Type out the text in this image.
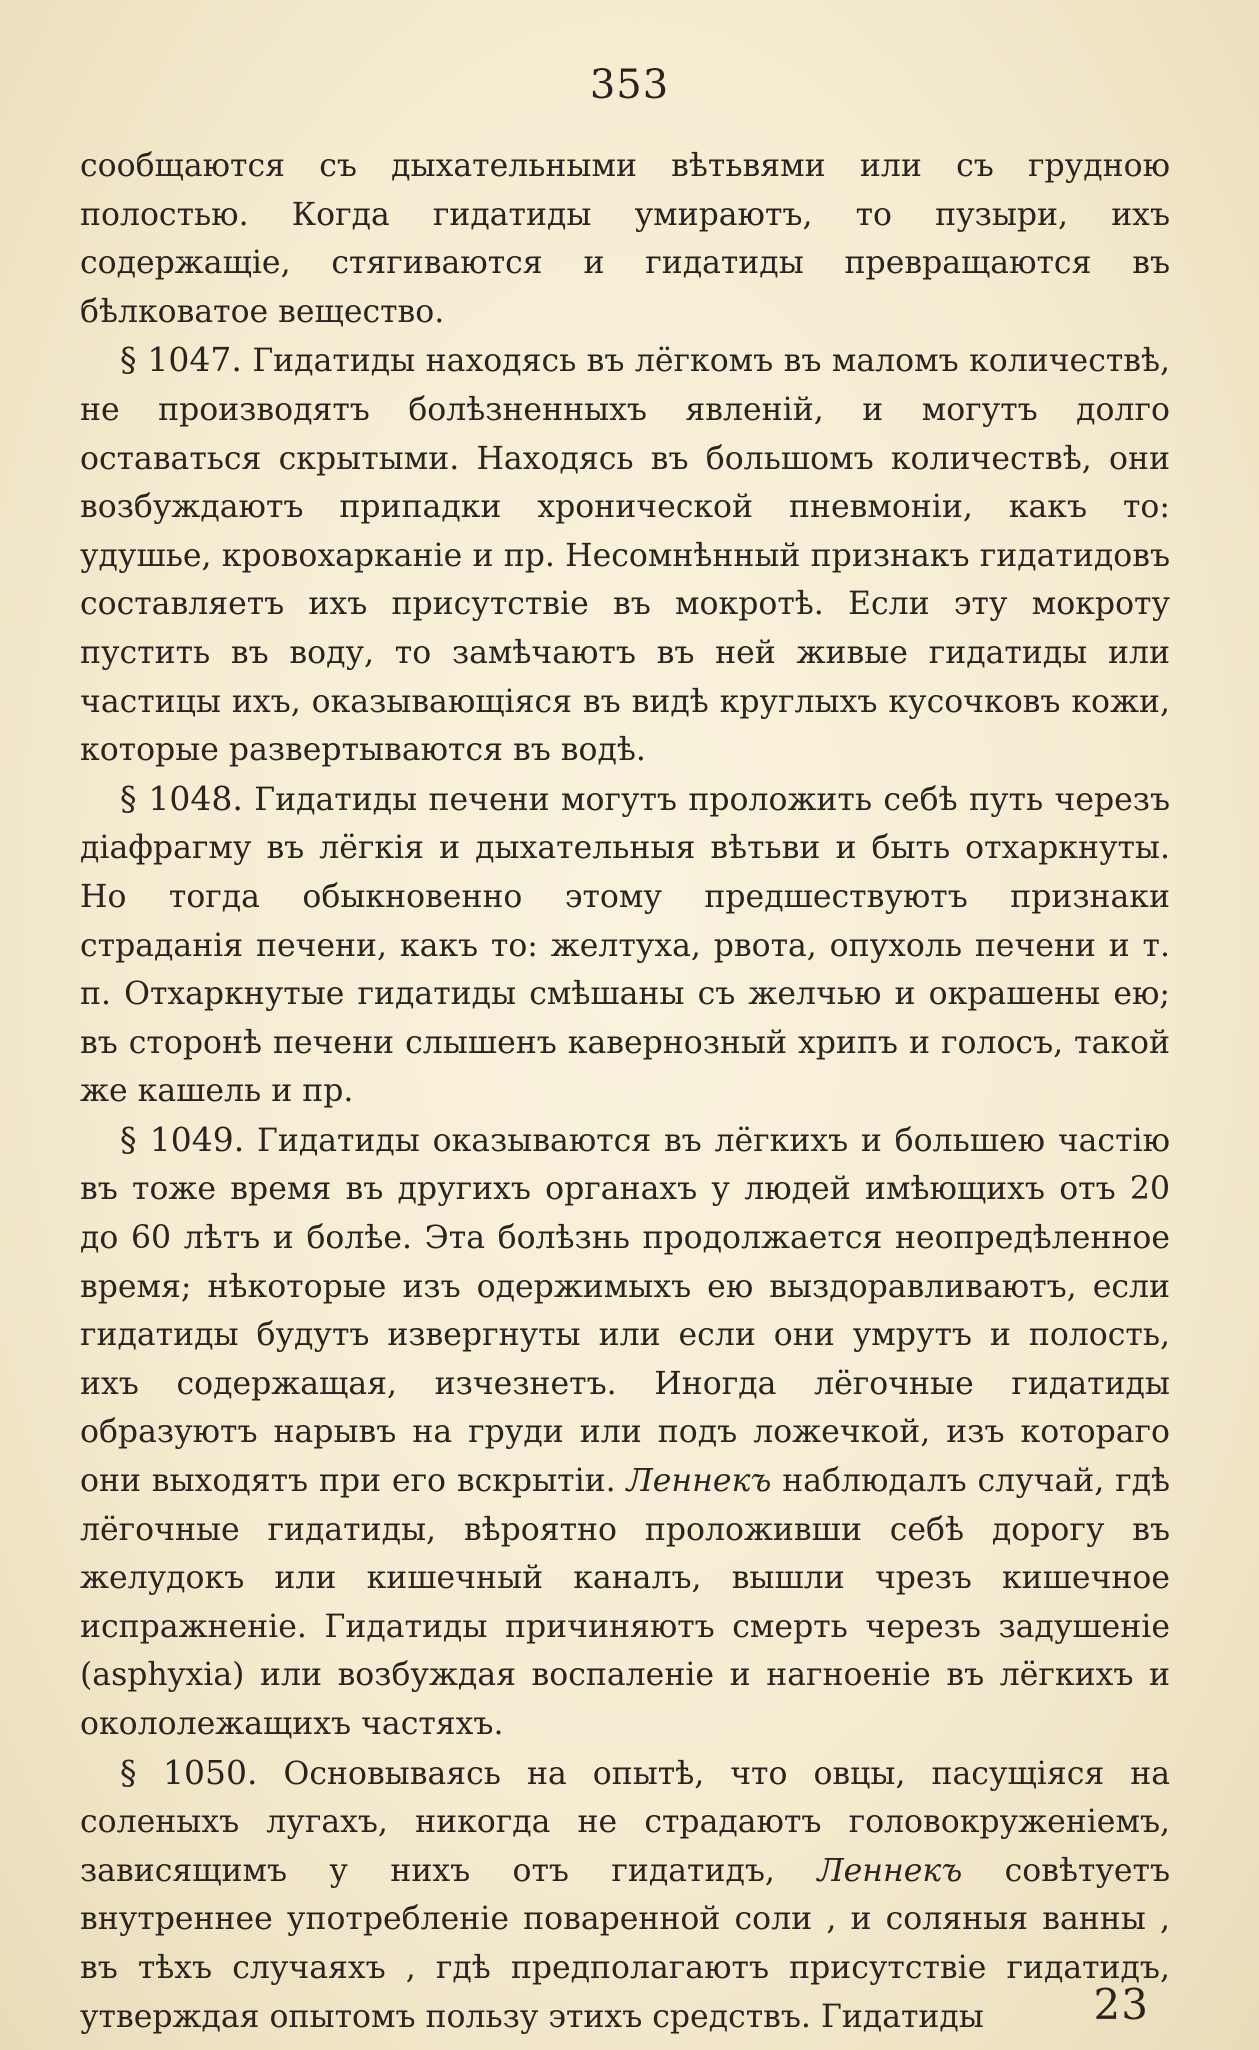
353

сообщаются съ дыхательными вѣтьвями или съ грудною полостью. Когда гидатиды умираютъ, то пузыри, ихъ содержащіе, стягиваются и гидатиды превращаются въ бѣлковатое вещество.

§ 1047. Гидатиды находясь въ лёгкомъ въ маломъ количествѣ, не производятъ болѣзненныхъ явленій, и могутъ долго оставаться скрытыми. Находясь въ большомъ количествѣ, они возбуждаютъ припадки хронической пневмоніи, какъ то: удушье, кровохарканіе и пр. Несомнѣнный признакъ гидатидовъ составляетъ ихъ присутствіе въ мокротѣ. Если эту мокроту пустить въ воду, то замѣчаютъ въ ней живые гидатиды или частицы ихъ, оказывающіяся въ видѣ круглыхъ кусочковъ кожи, которые развертываются въ водѣ.

§ 1048. Гидатиды печени могутъ проложить себѣ путь черезъ діафрагму въ лёгкія и дыхательныя вѣтьви и быть отхаркнуты. Но тогда обыкновенно этому предшествуютъ признаки страданія печени, какъ то: желтуха, рвота, опухоль печени и т. п. Отхаркнутые гидатиды смѣшаны съ желчью и окрашены ею; въ сторонѣ печени слышенъ кавернозный хрипъ и голосъ, такой же кашель и пр.

§ 1049. Гидатиды оказываются въ лёгкихъ и большею частію въ тоже время въ другихъ органахъ у людей имѣющихъ отъ 20 до 60 лѣтъ и болѣе. Эта болѣзнь продолжается неопредѣленное время; нѣкоторые изъ одержимыхъ ею выздоравливаютъ, если гидатиды будутъ извергнуты или если они умрутъ и полость, ихъ содержащая, изчезнетъ. Иногда лёгочные гидатиды образуютъ нарывъ на груди или подъ ложечкой, изъ котораго они выходятъ при его вскрытіи. Леннекъ наблюдалъ случай, гдѣ лёгочные гидатиды, вѣроятно проложивши себѣ дорогу въ желудокъ или кишечный каналъ, вышли чрезъ кишечное испражненіе. Гидатиды причиняютъ смерть черезъ задушеніе (asphyxia) или возбуждая воспаленіе и нагноеніе въ лёгкихъ и окололежащихъ частяхъ.

§ 1050. Основываясь на опытѣ, что овцы, пасущіяся на соленыхъ лугахъ, никогда не страдаютъ головокруженіемъ, зависящимъ у нихъ отъ гидатидъ, Леннекъ совѣтуетъ внутреннее употребленіе поваренной соли , и соляныя ванны , въ тѣхъ случаяхъ , гдѣ предполагаютъ присутствіе гидатидъ, утверждая опытомъ пользу этихъ средствъ. Гидатиды	23
